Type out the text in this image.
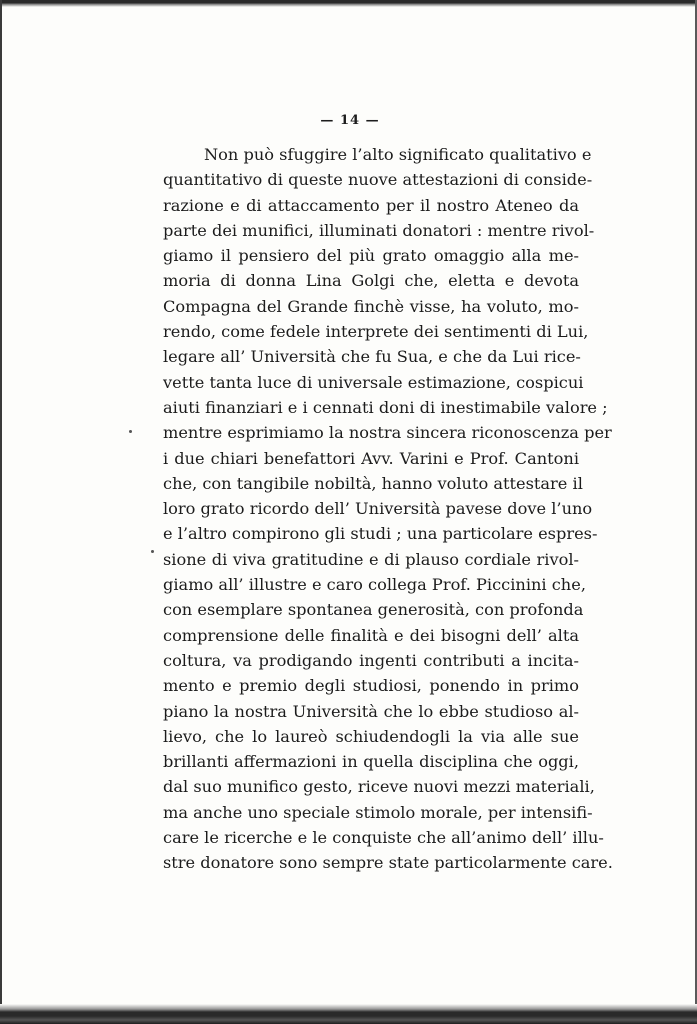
— 14 —
Non può sfuggire l’alto significato qualitativo e
quantitativo di queste nuove attestazioni di conside-
razione e di attaccamento per il nostro Ateneo da
parte dei munifici, illuminati donatori : mentre rivol-
giamo il pensiero del più grato omaggio alla me-
moria di donna Lina Golgi che, eletta e devota
Compagna del Grande finchè visse, ha voluto, mo-
rendo, come fedele interprete dei sentimenti di Lui,
legare all’ Università che fu Sua, e che da Lui rice-
vette tanta luce di universale estimazione, cospicui
aiuti finanziari e i cennati doni di inestimabile valore ;
mentre esprimiamo la nostra sincera riconoscenza per
i due chiari benefattori Avv. Varini e Prof. Cantoni
che, con tangibile nobiltà, hanno voluto attestare il
loro grato ricordo dell’ Università pavese dove l’uno
e l’altro compirono gli studi ; una particolare espres-
sione di viva gratitudine e di plauso cordiale rivol-
giamo all’ illustre e caro collega Prof. Piccinini che,
con esemplare spontanea generosità, con profonda
comprensione delle finalità e dei bisogni dell’ alta
coltura, va prodigando ingenti contributi a incita-
mento e premio degli studiosi, ponendo in primo
piano la nostra Università che lo ebbe studioso al-
lievo, che lo laureò schiudendogli la via alle sue
brillanti affermazioni in quella disciplina che oggi,
dal suo munifico gesto, riceve nuovi mezzi materiali,
ma anche uno speciale stimolo morale, per intensifi-
care le ricerche e le conquiste che all’animo dell’ illu-
stre donatore sono sempre state particolarmente care.
